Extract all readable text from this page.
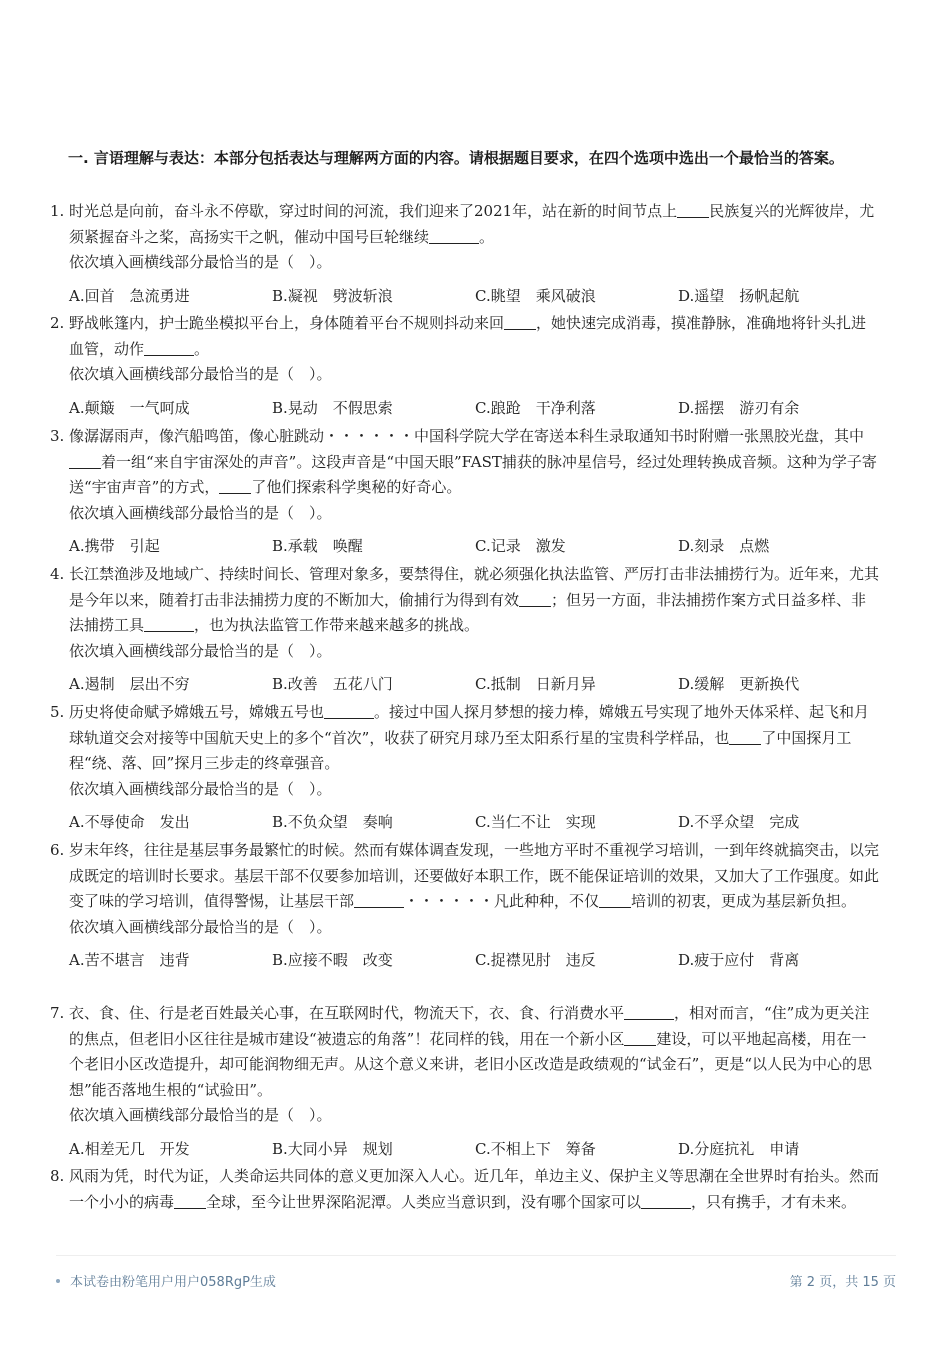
一. 言语理解与表达：本部分包括表达与理解两方面的内容。请根据题目要求，在四个选项中选出一个最恰当的答案。
1. 时光总是向前，奋斗永不停歇，穿过时间的河流，我们迎来了2021年，站在新的时间节点上 民族复兴的光辉彼岸，尤须紧握奋斗之桨，高扬实干之帆，催动中国号巨轮继续	。
依次填入画横线部分最恰当的是（　）。
A.回首　急流勇进	B.凝视　劈波斩浪	C.眺望　乘风破浪	D.遥望　扬帆起航
2. 野战帐篷内，护士跪坐模拟平台上，身体随着平台不规则抖动来回 ，她快速完成消毒，摸准静脉，准确地将针头扎进血管，动作	。
依次填入画横线部分最恰当的是（　）。
A.颠簸　一气呵成	B.晃动　不假思索	C.踉跄　干净利落	D.摇摆　游刃有余
3. 像潺潺雨声，像汽船鸣笛，像心脏跳动・・・・・・中国科学院大学在寄送本科生录取通知书时附赠一张黑胶光盘，其中着一组“来自宇宙深处的声音”。这段声音是“中国天眼”FAST捕获的脉冲星信号，经过处理转换成音频。这种为学子寄送“宇宙声音”的方式， 了他们探索科学奥秘的好奇心。
依次填入画横线部分最恰当的是（　）。
A.携带　引起	B.承载　唤醒	C.记录　激发	D.刻录　点燃
4. 长江禁渔涉及地域广、持续时间长、管理对象多，要禁得住，就必须强化执法监管、严厉打击非法捕捞行为。近年来，尤其是今年以来，随着打击非法捕捞力度的不断加大，偷捕行为得到有效 ；但另一方面，非法捕捞作案方式日益多样、非法捕捞工具	，也为执法监管工作带来越来越多的挑战。
依次填入画横线部分最恰当的是（　）。
A.遏制　层出不穷	B.改善　五花八门	C.抵制　日新月异	D.缓解　更新换代
5. 历史将使命赋予嫦娥五号，嫦娥五号也	。接过中国人探月梦想的接力棒，嫦娥五号实现了地外天体采样、起飞和月球轨道交会对接等中国航天史上的多个“首次”，收获了研究月球乃至太阳系行星的宝贵科学样品，也 了中国探月工程“绕、落、回”探月三步走的终章强音。
依次填入画横线部分最恰当的是（　）。
A.不辱使命　发出	B.不负众望　奏响	C.当仁不让　实现	D.不孚众望　完成
6. 岁末年终，往往是基层事务最繁忙的时候。然而有媒体调查发现，一些地方平时不重视学习培训，一到年终就搞突击，以完成既定的培训时长要求。基层干部不仅要参加培训，还要做好本职工作，既不能保证培训的效果，又加大了工作强度。如此变了味的学习培训，值得警惕，让基层干部	・・・・・・凡此种种，不仅 培训的初衷，更成为基层新负担。
依次填入画横线部分最恰当的是（　）。
A.苦不堪言　违背	B.应接不暇　改变	C.捉襟见肘　违反	D.疲于应付　背离
7. 衣、食、住、行是老百姓最关心事，在互联网时代，物流天下，衣、食、行消费水平	，相对而言，“住”成为更关注的焦点，但老旧小区往往是城市建设“被遗忘的角落”！花同样的钱，用在一个新小区 建设，可以平地起高楼，用在一个老旧小区改造提升，却可能润物细无声。从这个意义来讲，老旧小区改造是政绩观的“试金石”，更是“以人民为中心的思想”能否落地生根的“试验田”。
依次填入画横线部分最恰当的是（　）。
A.相差无几　开发	B.大同小异　规划	C.不相上下　筹备	D.分庭抗礼　申请
8. 风雨为凭，时代为证，人类命运共同体的意义更加深入人心。近几年，单边主义、保护主义等思潮在全世界时有抬头。然而一个小小的病毒 全球，至今让世界深陷泥潭。人类应当意识到，没有哪个国家可以	，只有携手，才有未来。
本试卷由粉笔用户用户058RgP生成	第 2 页，共 15 页
